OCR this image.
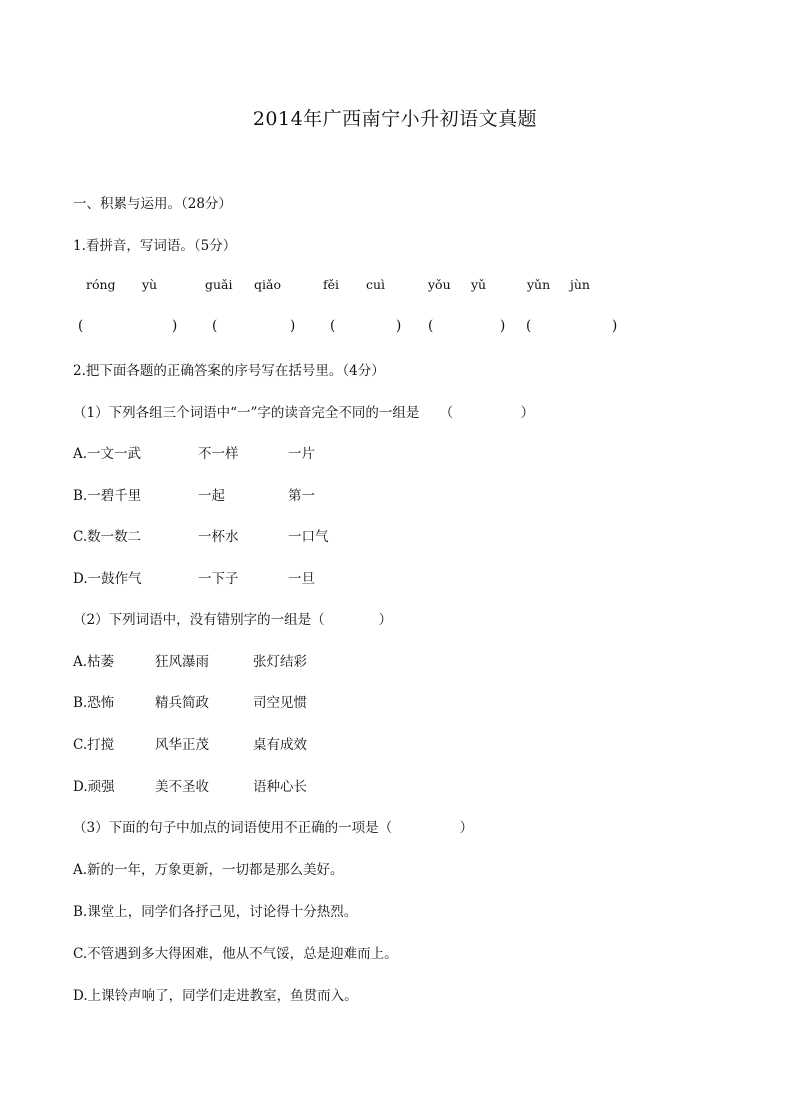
2014年广西南宁小升初语文真题
一、积累与运用。（28分）
1.看拼音，写词语。（5分）
róng yù	guǎi qiǎo	fěi cuì	yǒu yǔ	yǔn jùn
(	)	(	)	(	) (	) (	)
2.把下面各题的正确答案的序号写在括号里。（4分）
（1）下列各组三个词语中“一”字的读音完全不同的一组是　　（　　　　　）
A.一文一武	不一样	一片
B.一碧千里	一起	第一
C.数一数二	一杯水	一口气
D.一鼓作气	一下子	一旦
（2）下列词语中，没有错别字的一组是（　　　　）
A.枯萎	狂风瀑雨	张灯结彩
B.恐怖	精兵简政	司空见惯
C.打搅	风华正茂	桌有成效
D.顽强	美不圣收	语种心长
（3）下面的句子中加点的词语使用不正确的一项是（　　　　　）
A.新的一年，万象更新，一切都是那么美好。
B.课堂上，同学们各抒己见，讨论得十分热烈。
C.不管遇到多大得困难，他从不气馁，总是迎难而上。
D.上课铃声响了，同学们走进教室，鱼贯而入。
